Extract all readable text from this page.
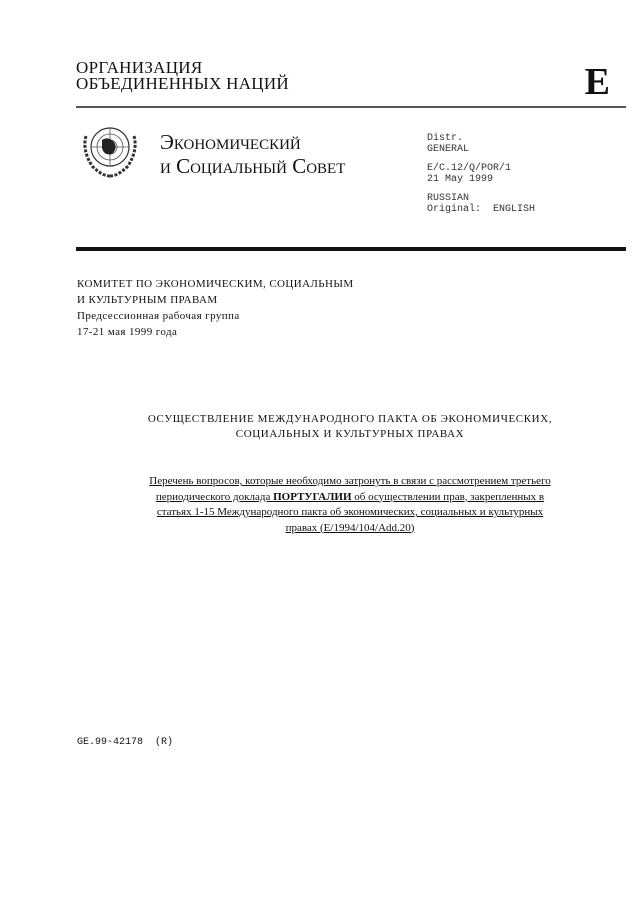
ОРГАНИЗАЦИЯ
ОБЪЕДИНЕННЫХ НАЦИЙ	E
Экономический
и Социальный Совет
Distr.
GENERAL
E/C.12/Q/POR/1
21 May 1999
RUSSIAN
Original:  ENGLISH
КОМИТЕТ ПО ЭКОНОМИЧЕСКИМ, СОЦИАЛЬНЫМ
И КУЛЬТУРНЫМ ПРАВАМ
Предсессионная рабочая группа
17-21 мая 1999 года
ОСУЩЕСТВЛЕНИЕ МЕЖДУНАРОДНОГО ПАКТА ОБ ЭКОНОМИЧЕСКИХ,
СОЦИАЛЬНЫХ И КУЛЬТУРНЫХ ПРАВАХ
Перечень вопросов, которые необходимо затронуть в связи с рассмотрением третьего периодического доклада ПОРТУГАЛИИ об осуществлении прав, закрепленных в статьях 1-15 Международного пакта об экономических, социальных и культурных правах (E/1994/104/Add.20)
GE.99-42178  (R)
